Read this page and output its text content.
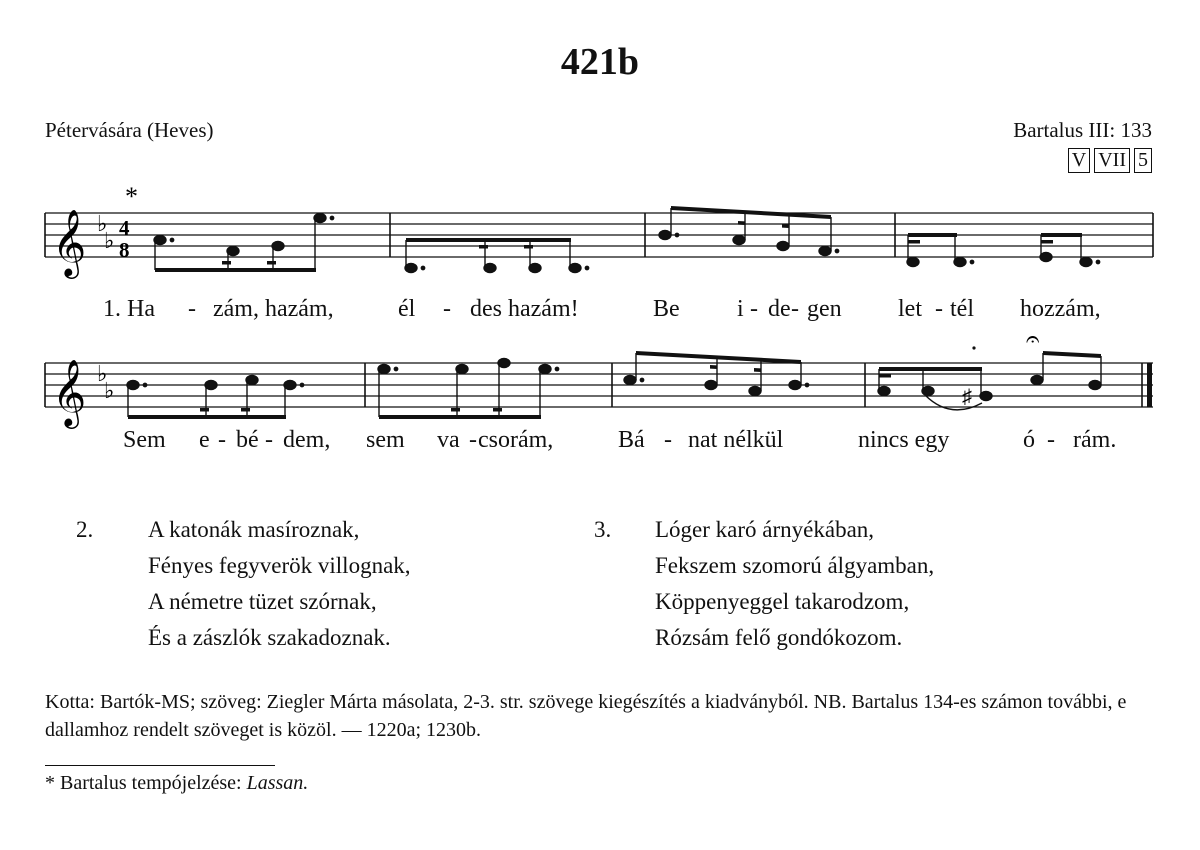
421b
Pétervására (Heves)	Bartalus III: 133
V VII 5
𝄞 ♭
♭ 4
8
*
1. Ha - zám, hazám,	él - des hazám!	Be i - de - gen let - tél hozzám,
𝄞 ♭
♭	♯
𝄐
Sem e - bé - dem, sem va - csorám,	Bá - nat nélkül	nincs egy	ó - rám.
2. A katonák masíroznak,
Fényes fegyverök villognak,
A németre tüzet szórnak,
És a zászlók szakadoznak.
3. Lóger karó árnyékában,
Fekszem szomorú álgyamban,
Köppenyeggel takarodzom,
Rózsám felő gondókozom.
Kotta: Bartók-MS; szöveg: Ziegler Márta másolata, 2-3. str. szövege kiegészítés a kiadványból. NB. Bartalus 134-es számon további, e dallamhoz rendelt szöveget is közöl. — 1220a; 1230b.
* Bartalus tempójelzése: Lassan.
